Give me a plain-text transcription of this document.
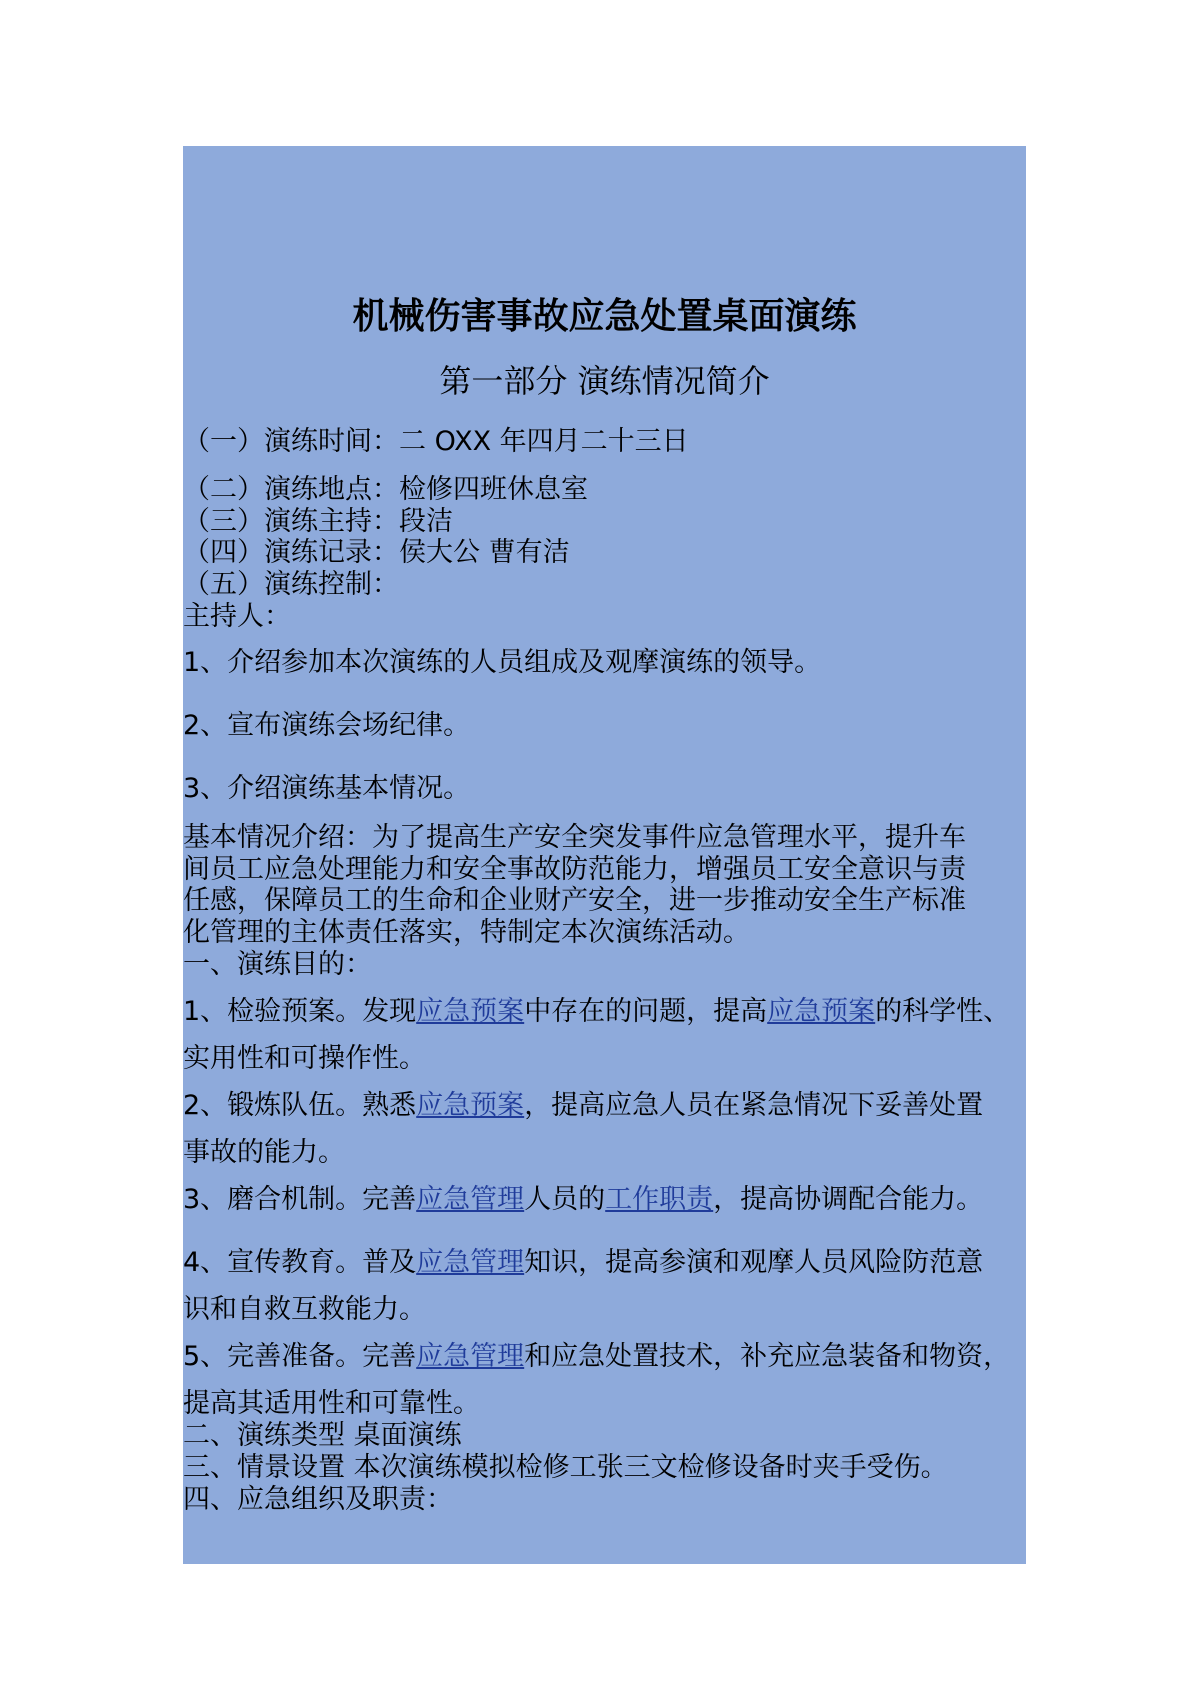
机械伤害事故应急处置桌面演练
第一部分 演练情况简介
（一）演练时间：二 OXX 年四月二十三日
（二）演练地点：检修四班休息室
（三）演练主持：段洁
（四）演练记录：侯大公 曹有洁
（五）演练控制：
主持人：
1、介绍参加本次演练的人员组成及观摩演练的领导。
2、宣布演练会场纪律。
3、介绍演练基本情况。
基本情况介绍：为了提高生产安全突发事件应急管理水平，提升车
间员工应急处理能力和安全事故防范能力，增强员工安全意识与责
任感，保障员工的生命和企业财产安全，进一步推动安全生产标准
化管理的主体责任落实，特制定本次演练活动。
一、演练目的：
1、检验预案。发现应急预案中存在的问题，提高应急预案的科学性、
实用性和可操作性。
2、锻炼队伍。熟悉应急预案，提高应急人员在紧急情况下妥善处置
事故的能力。
3、磨合机制。完善应急管理人员的工作职责，提高协调配合能力。
4、宣传教育。普及应急管理知识，提高参演和观摩人员风险防范意
识和自救互救能力。
5、完善准备。完善应急管理和应急处置技术，补充应急装备和物资，
提高其适用性和可靠性。
二、演练类型 桌面演练
三、情景设置 本次演练模拟检修工张三文检修设备时夹手受伤。
四、应急组织及职责：
